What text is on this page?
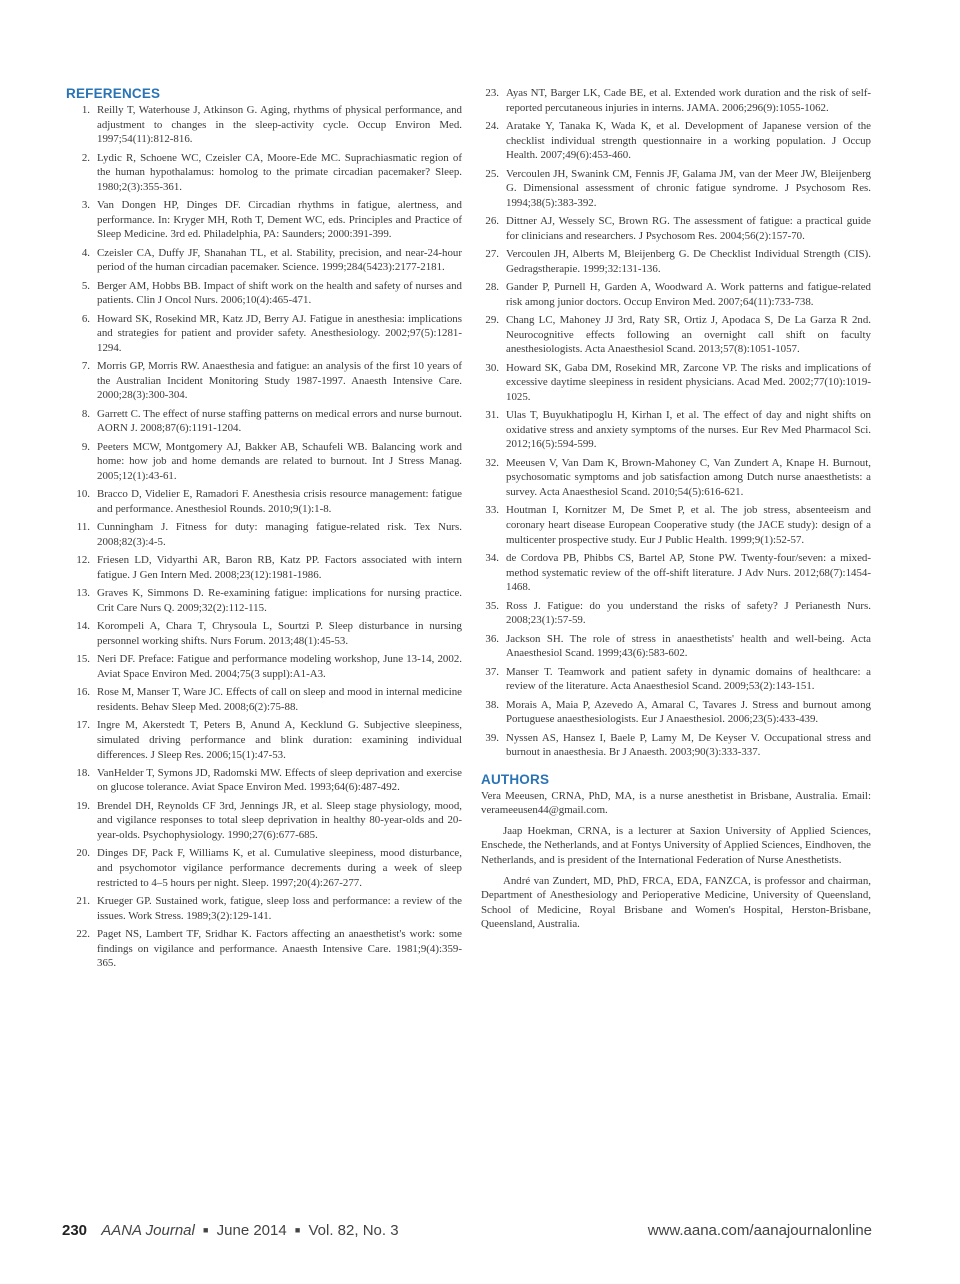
REFERENCES
1. Reilly T, Waterhouse J, Atkinson G. Aging, rhythms of physical performance, and adjustment to changes in the sleep-activity cycle. Occup Environ Med. 1997;54(11):812-816.
2. Lydic R, Schoene WC, Czeisler CA, Moore-Ede MC. Suprachiasmatic region of the human hypothalamus: homolog to the primate circadian pacemaker? Sleep. 1980;2(3):355-361.
3. Van Dongen HP, Dinges DF. Circadian rhythms in fatigue, alertness, and performance. In: Kryger MH, Roth T, Dement WC, eds. Principles and Practice of Sleep Medicine. 3rd ed. Philadelphia, PA: Saunders; 2000:391-399.
4. Czeisler CA, Duffy JF, Shanahan TL, et al. Stability, precision, and near-24-hour period of the human circadian pacemaker. Science. 1999;284(5423):2177-2181.
5. Berger AM, Hobbs BB. Impact of shift work on the health and safety of nurses and patients. Clin J Oncol Nurs. 2006;10(4):465-471.
6. Howard SK, Rosekind MR, Katz JD, Berry AJ. Fatigue in anesthesia: implications and strategies for patient and provider safety. Anesthesiology. 2002;97(5):1281-1294.
7. Morris GP, Morris RW. Anaesthesia and fatigue: an analysis of the first 10 years of the Australian Incident Monitoring Study 1987-1997. Anaesth Intensive Care. 2000;28(3):300-304.
8. Garrett C. The effect of nurse staffing patterns on medical errors and nurse burnout. AORN J. 2008;87(6):1191-1204.
9. Peeters MCW, Montgomery AJ, Bakker AB, Schaufeli WB. Balancing work and home: how job and home demands are related to burnout. Int J Stress Manag. 2005;12(1):43-61.
10. Bracco D, Videlier E, Ramadori F. Anesthesia crisis resource management: fatigue and performance. Anesthesiol Rounds. 2010;9(1):1-8.
11. Cunningham J. Fitness for duty: managing fatigue-related risk. Tex Nurs. 2008;82(3):4-5.
12. Friesen LD, Vidyarthi AR, Baron RB, Katz PP. Factors associated with intern fatigue. J Gen Intern Med. 2008;23(12):1981-1986.
13. Graves K, Simmons D. Re-examining fatigue: implications for nursing practice. Crit Care Nurs Q. 2009;32(2):112-115.
14. Korompeli A, Chara T, Chrysoula L, Sourtzi P. Sleep disturbance in nursing personnel working shifts. Nurs Forum. 2013;48(1):45-53.
15. Neri DF. Preface: Fatigue and performance modeling workshop, June 13-14, 2002. Aviat Space Environ Med. 2004;75(3 suppl):A1-A3.
16. Rose M, Manser T, Ware JC. Effects of call on sleep and mood in internal medicine residents. Behav Sleep Med. 2008;6(2):75-88.
17. Ingre M, Akerstedt T, Peters B, Anund A, Kecklund G. Subjective sleepiness, simulated driving performance and blink duration: examining individual differences. J Sleep Res. 2006;15(1):47-53.
18. VanHelder T, Symons JD, Radomski MW. Effects of sleep deprivation and exercise on glucose tolerance. Aviat Space Environ Med. 1993;64(6):487-492.
19. Brendel DH, Reynolds CF 3rd, Jennings JR, et al. Sleep stage physiology, mood, and vigilance responses to total sleep deprivation in healthy 80-year-olds and 20-year-olds. Psychophysiology. 1990;27(6):677-685.
20. Dinges DF, Pack F, Williams K, et al. Cumulative sleepiness, mood disturbance, and psychomotor vigilance performance decrements during a week of sleep restricted to 4–5 hours per night. Sleep. 1997;20(4):267-277.
21. Krueger GP. Sustained work, fatigue, sleep loss and performance: a review of the issues. Work Stress. 1989;3(2):129-141.
22. Paget NS, Lambert TF, Sridhar K. Factors affecting an anaesthetist's work: some findings on vigilance and performance. Anaesth Intensive Care. 1981;9(4):359-365.
23. Ayas NT, Barger LK, Cade BE, et al. Extended work duration and the risk of self-reported percutaneous injuries in interns. JAMA. 2006;296(9):1055-1062.
24. Aratake Y, Tanaka K, Wada K, et al. Development of Japanese version of the checklist individual strength questionnaire in a working population. J Occup Health. 2007;49(6):453-460.
25. Vercoulen JH, Swanink CM, Fennis JF, Galama JM, van der Meer JW, Bleijenberg G. Dimensional assessment of chronic fatigue syndrome. J Psychosom Res. 1994;38(5):383-392.
26. Dittner AJ, Wessely SC, Brown RG. The assessment of fatigue: a practical guide for clinicians and researchers. J Psychosom Res. 2004;56(2):157-70.
27. Vercoulen JH, Alberts M, Bleijenberg G. De Checklist Individual Strength (CIS). Gedragstherapie. 1999;32:131-136.
28. Gander P, Purnell H, Garden A, Woodward A. Work patterns and fatigue-related risk among junior doctors. Occup Environ Med. 2007;64(11):733-738.
29. Chang LC, Mahoney JJ 3rd, Raty SR, Ortiz J, Apodaca S, De La Garza R 2nd. Neurocognitive effects following an overnight call shift on faculty anesthesiologists. Acta Anaesthesiol Scand. 2013;57(8):1051-1057.
30. Howard SK, Gaba DM, Rosekind MR, Zarcone VP. The risks and implications of excessive daytime sleepiness in resident physicians. Acad Med. 2002;77(10):1019-1025.
31. Ulas T, Buyukhatipoglu H, Kirhan I, et al. The effect of day and night shifts on oxidative stress and anxiety symptoms of the nurses. Eur Rev Med Pharmacol Sci. 2012;16(5):594-599.
32. Meeusen V, Van Dam K, Brown-Mahoney C, Van Zundert A, Knape H. Burnout, psychosomatic symptoms and job satisfaction among Dutch nurse anaesthetists: a survey. Acta Anaesthesiol Scand. 2010;54(5):616-621.
33. Houtman I, Kornitzer M, De Smet P, et al. The job stress, absenteeism and coronary heart disease European Cooperative study (the JACE study): design of a multicenter prospective study. Eur J Public Health. 1999;9(1):52-57.
34. de Cordova PB, Phibbs CS, Bartel AP, Stone PW. Twenty-four/seven: a mixed-method systematic review of the off-shift literature. J Adv Nurs. 2012;68(7):1454-1468.
35. Ross J. Fatigue: do you understand the risks of safety? J Perianesth Nurs. 2008;23(1):57-59.
36. Jackson SH. The role of stress in anaesthetists' health and well-being. Acta Anaesthesiol Scand. 1999;43(6):583-602.
37. Manser T. Teamwork and patient safety in dynamic domains of healthcare: a review of the literature. Acta Anaesthesiol Scand. 2009;53(2):143-151.
38. Morais A, Maia P, Azevedo A, Amaral C, Tavares J. Stress and burnout among Portuguese anaesthesiologists. Eur J Anaesthesiol. 2006;23(5):433-439.
39. Nyssen AS, Hansez I, Baele P, Lamy M, De Keyser V. Occupational stress and burnout in anaesthesia. Br J Anaesth. 2003;90(3):333-337.
AUTHORS

Vera Meeusen, CRNA, PhD, MA, is a nurse anesthetist in Brisbane, Australia. Email: verameeusen44@gmail.com.

Jaap Hoekman, CRNA, is a lecturer at Saxion University of Applied Sciences, Enschede, the Netherlands, and at Fontys University of Applied Sciences, Eindhoven, the Netherlands, and is president of the International Federation of Nurse Anesthetists.

André van Zundert, MD, PhD, FRCA, EDA, FANZCA, is professor and chairman, Department of Anesthesiology and Perioperative Medicine, University of Queensland, School of Medicine, Royal Brisbane and Women's Hospital, Herston-Brisbane, Queensland, Australia.

230 AANA Journal ■ June 2014 ■ Vol. 82, No. 3	www.aana.com/aanajournalonline
